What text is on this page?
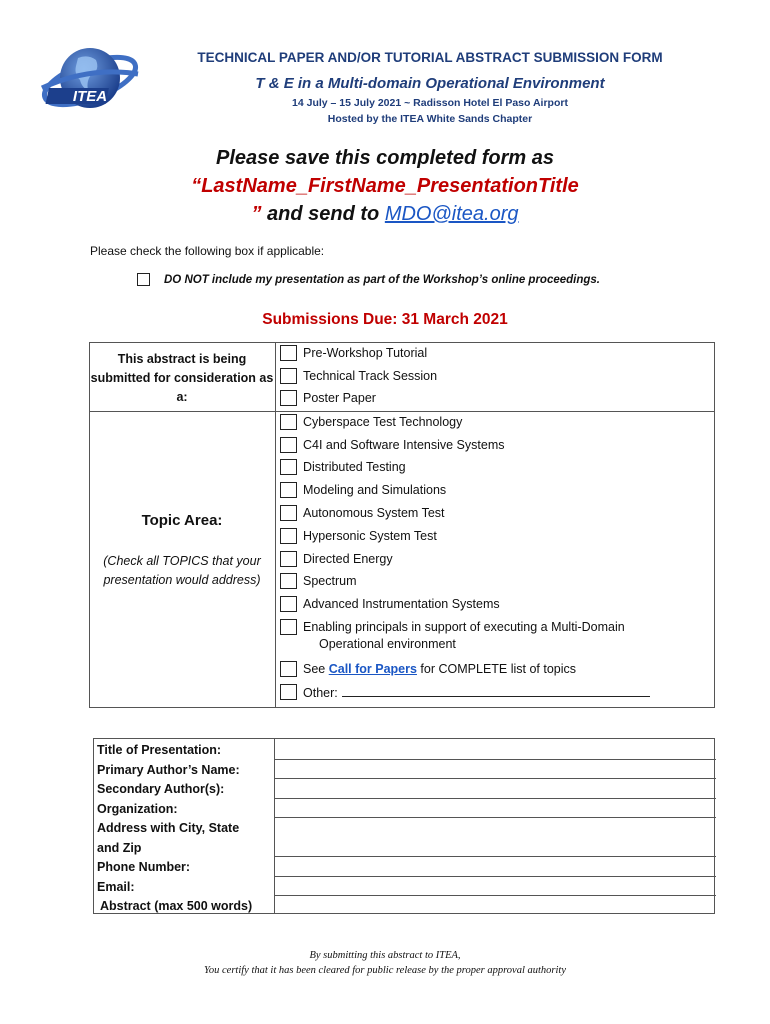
ITEA
TECHNICAL PAPER AND/OR TUTORIAL ABSTRACT SUBMISSION FORM
T & E in a Multi-domain Operational Environment
14 July – 15 July 2021 ~ Radisson Hotel El Paso Airport
Hosted by the ITEA White Sands Chapter
Please save this completed form as
“LastName_FirstName_PresentationTitle
” and send to MDO@itea.org
Please check the following box if applicable:
DO NOT include my presentation as part of the Workshop’s online proceedings.
Submissions Due: 31 March 2021
This abstract is being submitted for consideration as a:
Topic Area:
(Check all TOPICS that your presentation would address)
Pre-Workshop Tutorial
Technical Track Session
Poster Paper
Cyberspace Test Technology
C4I and Software Intensive Systems
Distributed Testing
Modeling and Simulations
Autonomous System Test
Hypersonic System Test
Directed Energy
Spectrum
Advanced Instrumentation Systems
Enabling principals in support of executing a Multi-Domain
Operational environment
See Call for Papers for COMPLETE list of topics
Other:
Title of Presentation:
Primary Author’s Name:
Secondary Author(s):
Organization:
Address with City, State
and Zip
Phone Number:
Email:
Abstract (max 500 words)
By submitting this abstract to ITEA,
You certify that it has been cleared for public release by the proper approval authority
